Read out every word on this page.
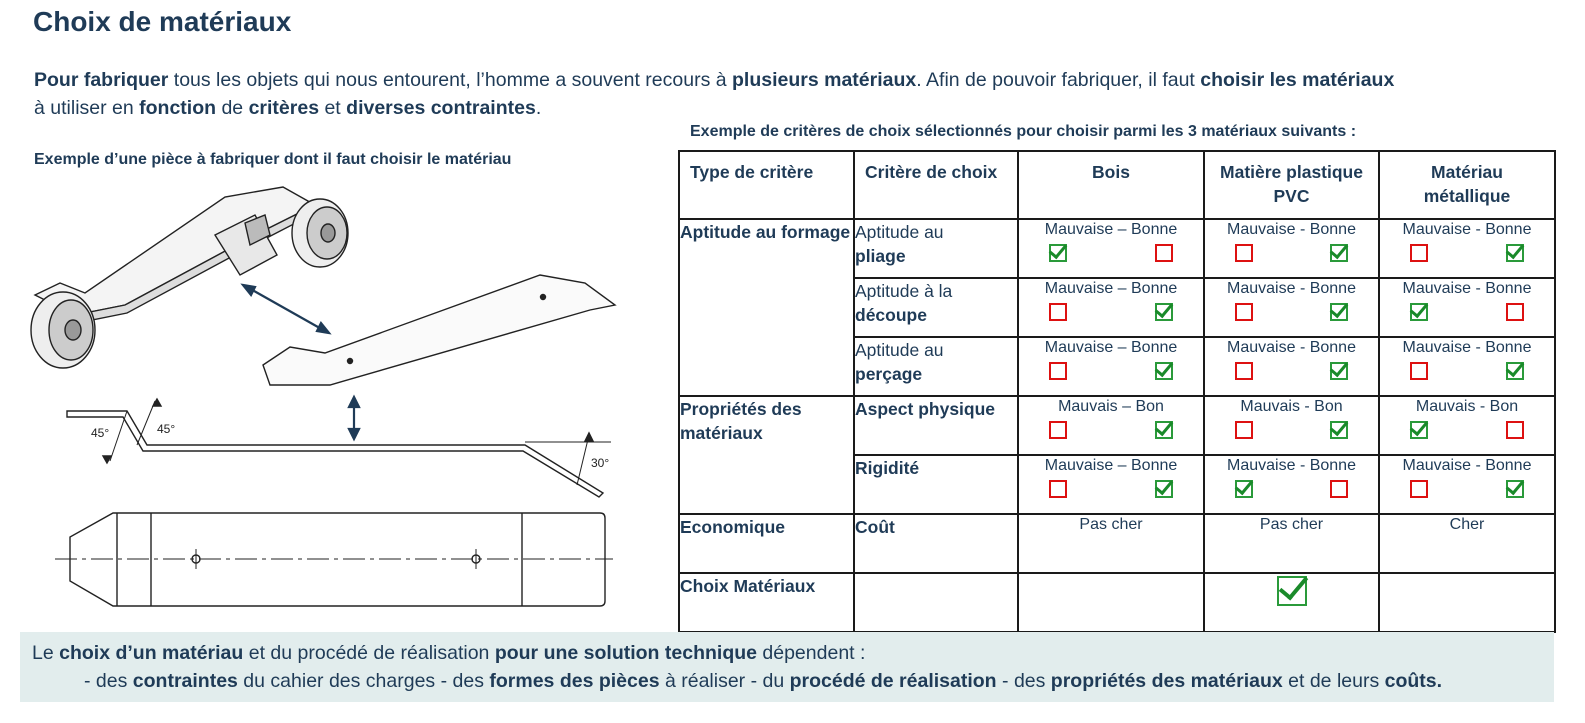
Choix de matériaux
Pour fabriquer tous les objets qui nous entourent, l’homme a souvent recours à plusieurs matériaux. Afin de pouvoir fabriquer, il faut choisir les matériaux
à utiliser en fonction de critères et diverses contraintes.
Exemple d’une pièce à fabriquer dont il faut choisir le matériau
Exemple de critères de choix sélectionnés pour choisir parmi les 3 matériaux suivants :
45°	45°
30°
Type de critère	Critère de choix	Bois	Matière plastique PVC	Matériau métallique
Aptitude au formage	Aptitude au
pliage	Mauvaise – Bonne	Mauvaise - Bonne	Mauvaise - Bonne

	Aptitude à la
découpe	Mauvaise – Bonne	Mauvaise - Bonne	Mauvaise - Bonne

	Aptitude au
perçage	Mauvaise – Bonne	Mauvaise - Bonne	Mauvaise - Bonne

Propriétés des matériaux	Aspect physique	Mauvais – Bon	Mauvais - Bon	Mauvais - Bon

	Rigidité	Mauvaise – Bonne	Mauvaise - Bonne	Mauvaise - Bonne

Economique	Coût	Pas cher	Pas cher	Cher

Choix Matériaux				
Le choix d’un matériau et du procédé de réalisation pour une solution technique dépendent :
- des contraintes du cahier des charges - des formes des pièces à réaliser - du procédé de réalisation - des propriétés des matériaux et de leurs coûts.
